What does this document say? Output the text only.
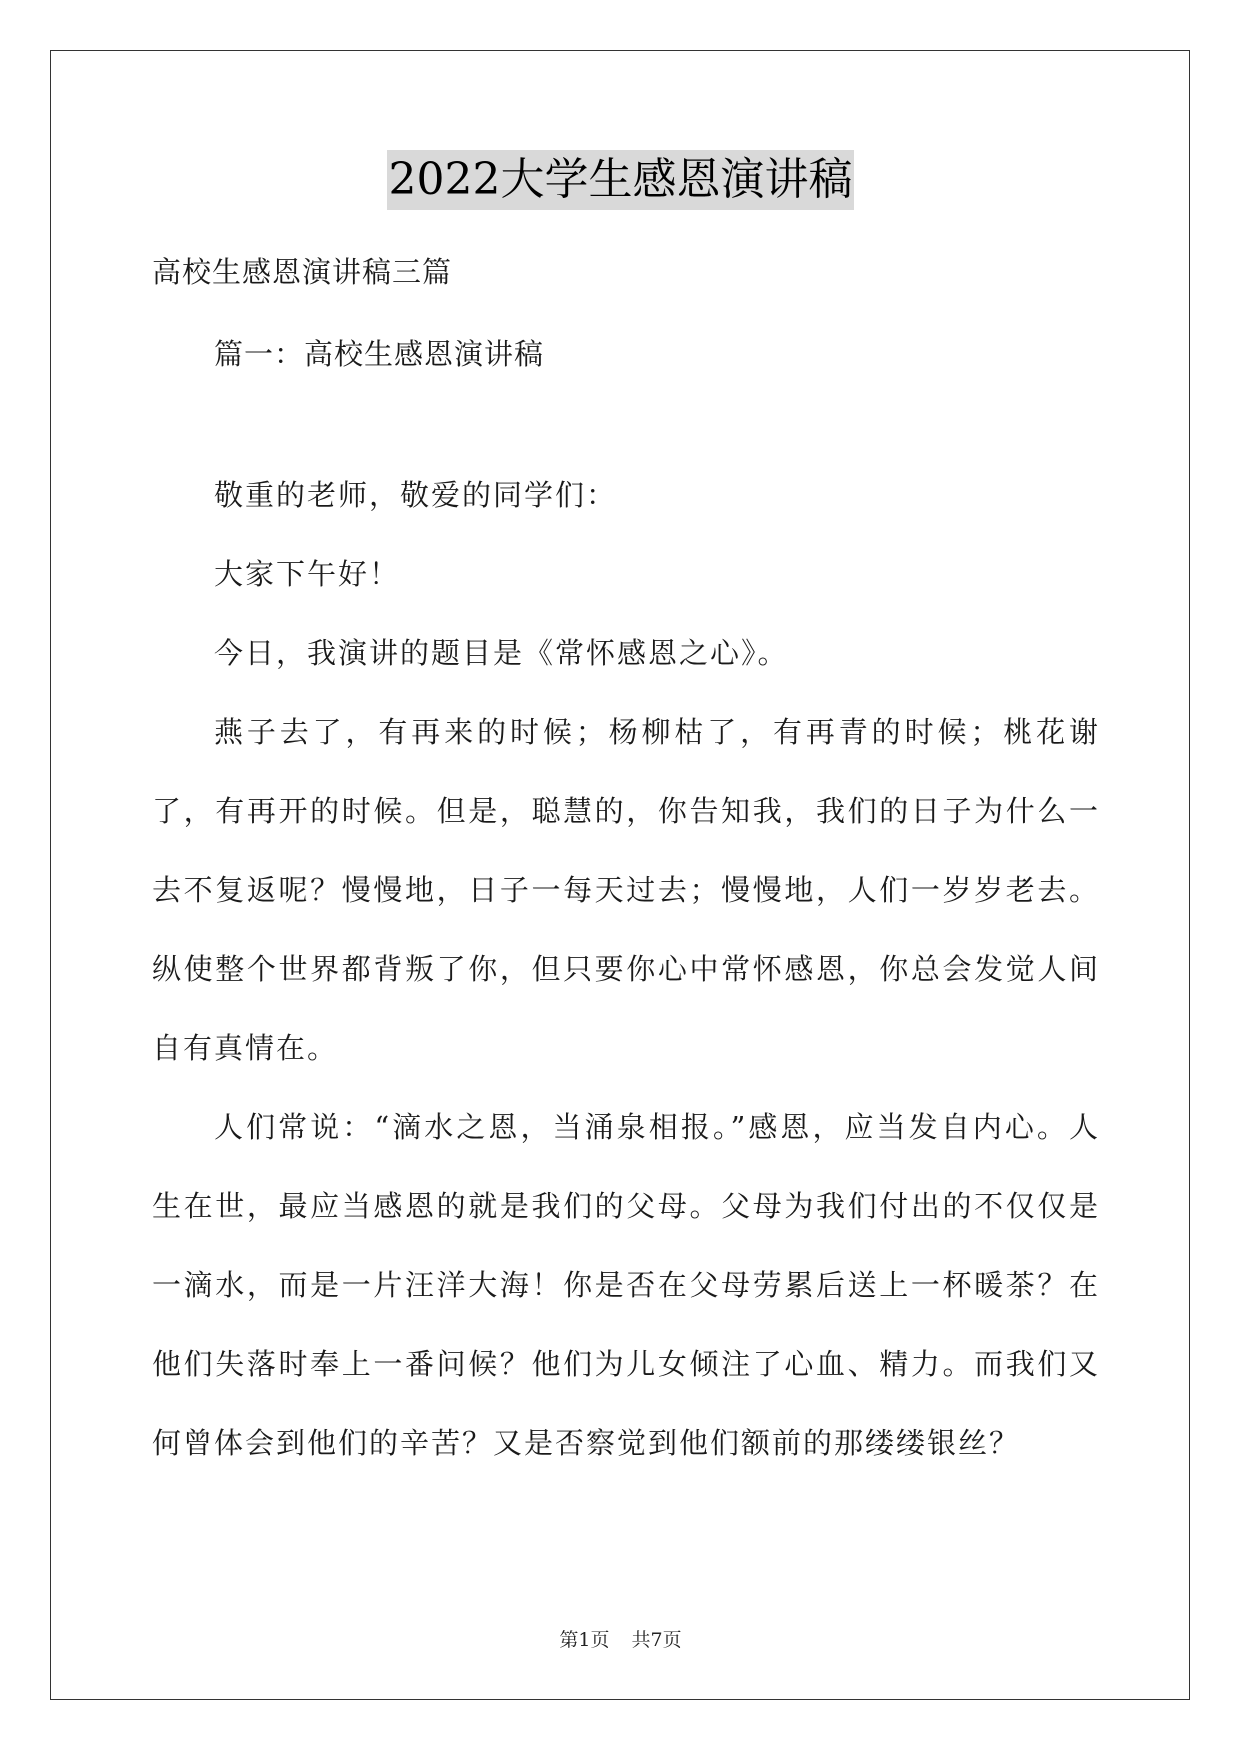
2022大学生感恩演讲稿
高校生感恩演讲稿三篇
篇一：高校生感恩演讲稿

敬重的老师，敬爱的同学们：

大家下午好！

今日，我演讲的题目是《常怀感恩之心》。

燕子去了，有再来的时候；杨柳枯了，有再青的时候；桃花谢了，有再开的时候。但是，聪慧的，你告知我，我们的日子为什么一去不复返呢？慢慢地，日子一每天过去；慢慢地，人们一岁岁老去。纵使整个世界都背叛了你，但只要你心中常怀感恩，你总会发觉人间自有真情在。

人们常说：“滴水之恩，当涌泉相报。”感恩，应当发自内心。人生在世，最应当感恩的就是我们的父母。父母为我们付出的不仅仅是一滴水，而是一片汪洋大海！你是否在父母劳累后送上一杯暖茶？在他们失落时奉上一番问候？他们为儿女倾注了心血、精力。而我们又何曾体会到他们的辛苦？又是否察觉到他们额前的那缕缕银丝？

第1页 共7页
